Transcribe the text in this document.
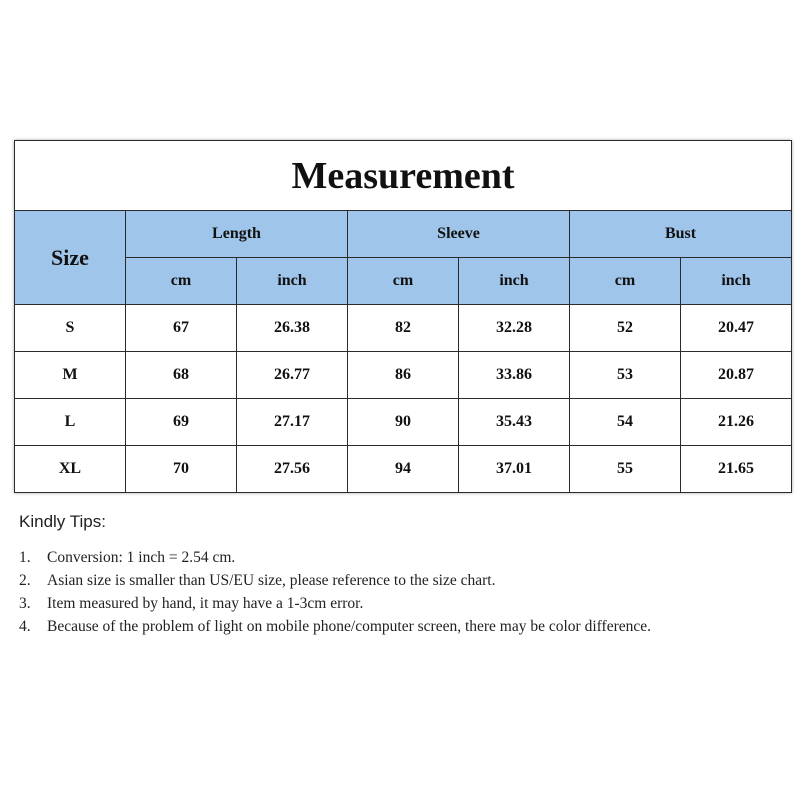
Measurement						
Size	Length		Sleeve		Bust	
	cm	inch	cm	inch	cm	inch
S	67	26.38	82	32.28	52	20.47
M	68	26.77	86	33.86	53	20.87
L	69	27.17	90	35.43	54	21.26
XL	70	27.56	94	37.01	55	21.65

Kindly Tips:

1. Conversion: 1 inch = 2.54 cm.
2. Asian size is smaller than US/EU size, please reference to the size chart.
3. Item measured by hand, it may have a 1-3cm error.
4. Because of the problem of light on mobile phone/computer screen, there may be color difference.
